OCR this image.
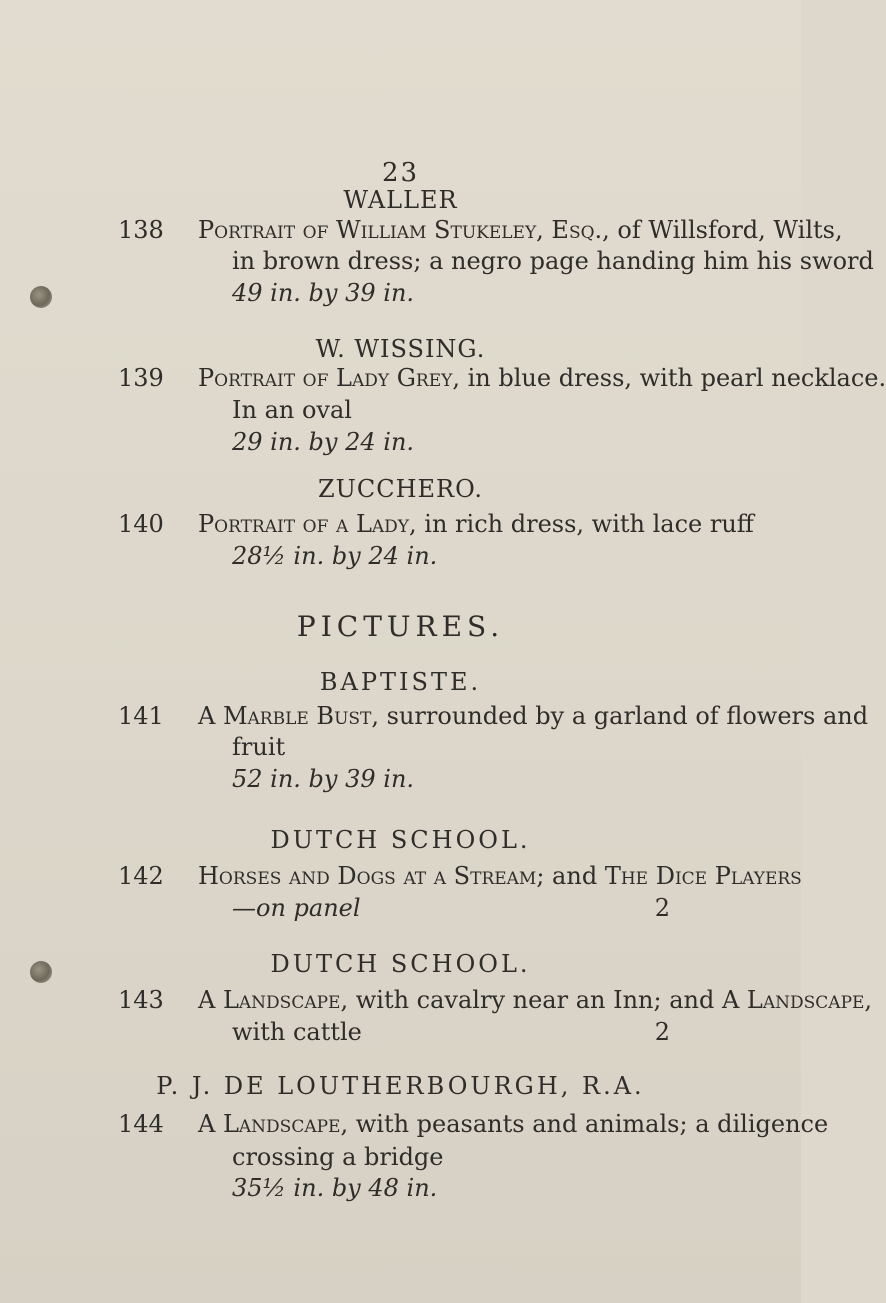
23
WALLER
138 Portrait of William Stukeley, Esq., of Willsford, Wilts,
in brown dress; a negro page handing him his sword
49 in. by 39 in.
W. WISSING.
139 Portrait of Lady Grey, in blue dress, with pearl necklace.
In an oval
29 in. by 24 in.
ZUCCHERO.
140 Portrait of a Lady, in rich dress, with lace ruff
28½ in. by 24 in.
PICTURES.
BAPTISTE.
141 A Marble Bust, surrounded by a garland of flowers and
fruit
52 in. by 39 in.
DUTCH SCHOOL.
142 Horses and Dogs at a Stream; and The Dice Players
—on panel	2
DUTCH SCHOOL.
143 A Landscape, with cavalry near an Inn; and A Landscape,
with cattle	2
P. J. DE LOUTHERBOURGH, R.A.
144 A Landscape, with peasants and animals; a diligence
crossing a bridge
35½ in. by 48 in.
